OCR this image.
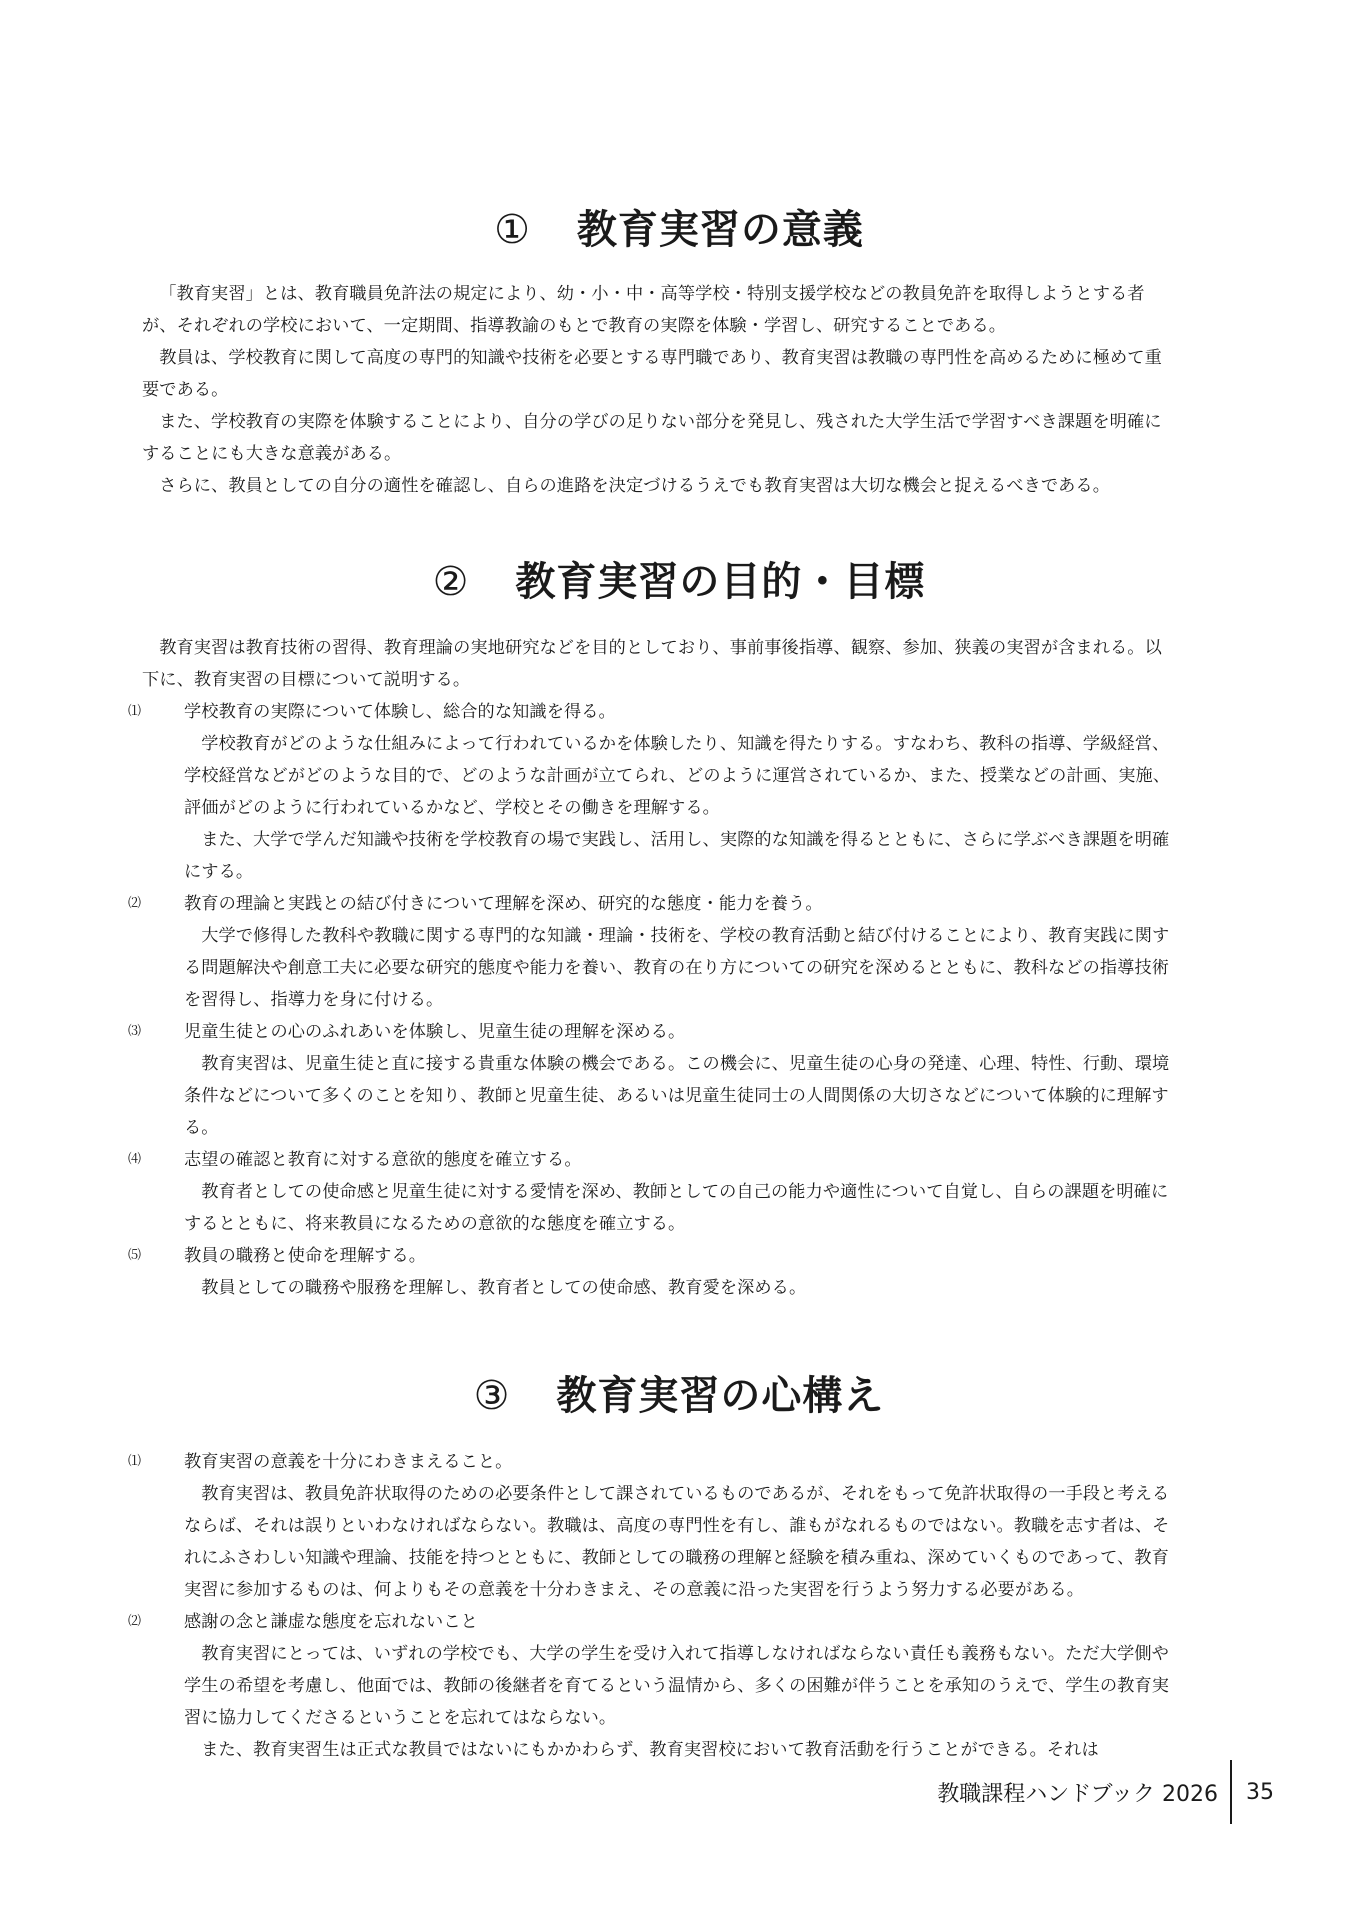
① 教育実習の意義

「教育実習」とは、教育職員免許法の規定により、幼・小・中・高等学校・特別支援学校などの教員免許を取得しようとする者が、それぞれの学校において、一定期間、指導教諭のもとで教育の実際を体験・学習し、研究することである。

教員は、学校教育に関して高度の専門的知識や技術を必要とする専門職であり、教育実習は教職の専門性を高めるために極めて重要である。

また、学校教育の実際を体験することにより、自分の学びの足りない部分を発見し、残された大学生活で学習すべき課題を明確にすることにも大きな意義がある。

さらに、教員としての自分の適性を確認し、自らの進路を決定づけるうえでも教育実習は大切な機会と捉えるべきである。

② 教育実習の目的・目標

教育実習は教育技術の習得、教育理論の実地研究などを目的としており、事前事後指導、観察、参加、狭義の実習が含まれる。以下に、教育実習の目標について説明する。

⑴ 学校教育の実際について体験し、総合的な知識を得る。

学校教育がどのような仕組みによって行われているかを体験したり、知識を得たりする。すなわち、教科の指導、学級経営、学校経営などがどのような目的で、どのような計画が立てられ、どのように運営されているか、また、授業などの計画、実施、評価がどのように行われているかなど、学校とその働きを理解する。

また、大学で学んだ知識や技術を学校教育の場で実践し、活用し、実際的な知識を得るとともに、さらに学ぶべき課題を明確にする。

⑵ 教育の理論と実践との結び付きについて理解を深め、研究的な態度・能力を養う。

大学で修得した教科や教職に関する専門的な知識・理論・技術を、学校の教育活動と結び付けることにより、教育実践に関する問題解決や創意工夫に必要な研究的態度や能力を養い、教育の在り方についての研究を深めるとともに、教科などの指導技術を習得し、指導力を身に付ける。

⑶ 児童生徒との心のふれあいを体験し、児童生徒の理解を深める。

教育実習は、児童生徒と直に接する貴重な体験の機会である。この機会に、児童生徒の心身の発達、心理、特性、行動、環境条件などについて多くのことを知り、教師と児童生徒、あるいは児童生徒同士の人間関係の大切さなどについて体験的に理解する。

⑷ 志望の確認と教育に対する意欲的態度を確立する。

教育者としての使命感と児童生徒に対する愛情を深め、教師としての自己の能力や適性について自覚し、自らの課題を明確にするとともに、将来教員になるための意欲的な態度を確立する。

⑸ 教員の職務と使命を理解する。

教員としての職務や服務を理解し、教育者としての使命感、教育愛を深める。

③ 教育実習の心構え

⑴ 教育実習の意義を十分にわきまえること。

教育実習は、教員免許状取得のための必要条件として課されているものであるが、それをもって免許状取得の一手段と考えるならば、それは誤りといわなければならない。教職は、高度の専門性を有し、誰もがなれるものではない。教職を志す者は、それにふさわしい知識や理論、技能を持つとともに、教師としての職務の理解と経験を積み重ね、深めていくものであって、教育実習に参加するものは、何よりもその意義を十分わきまえ、その意義に沿った実習を行うよう努力する必要がある。

⑵ 感謝の念と謙虚な態度を忘れないこと

教育実習にとっては、いずれの学校でも、大学の学生を受け入れて指導しなければならない責任も義務もない。ただ大学側や学生の希望を考慮し、他面では、教師の後継者を育てるという温情から、多くの困難が伴うことを承知のうえで、学生の教育実習に協力してくださるということを忘れてはならない。

また、教育実習生は正式な教員ではないにもかかわらず、教育実習校において教育活動を行うことができる。それは

教職課程ハンドブック 2026 35
